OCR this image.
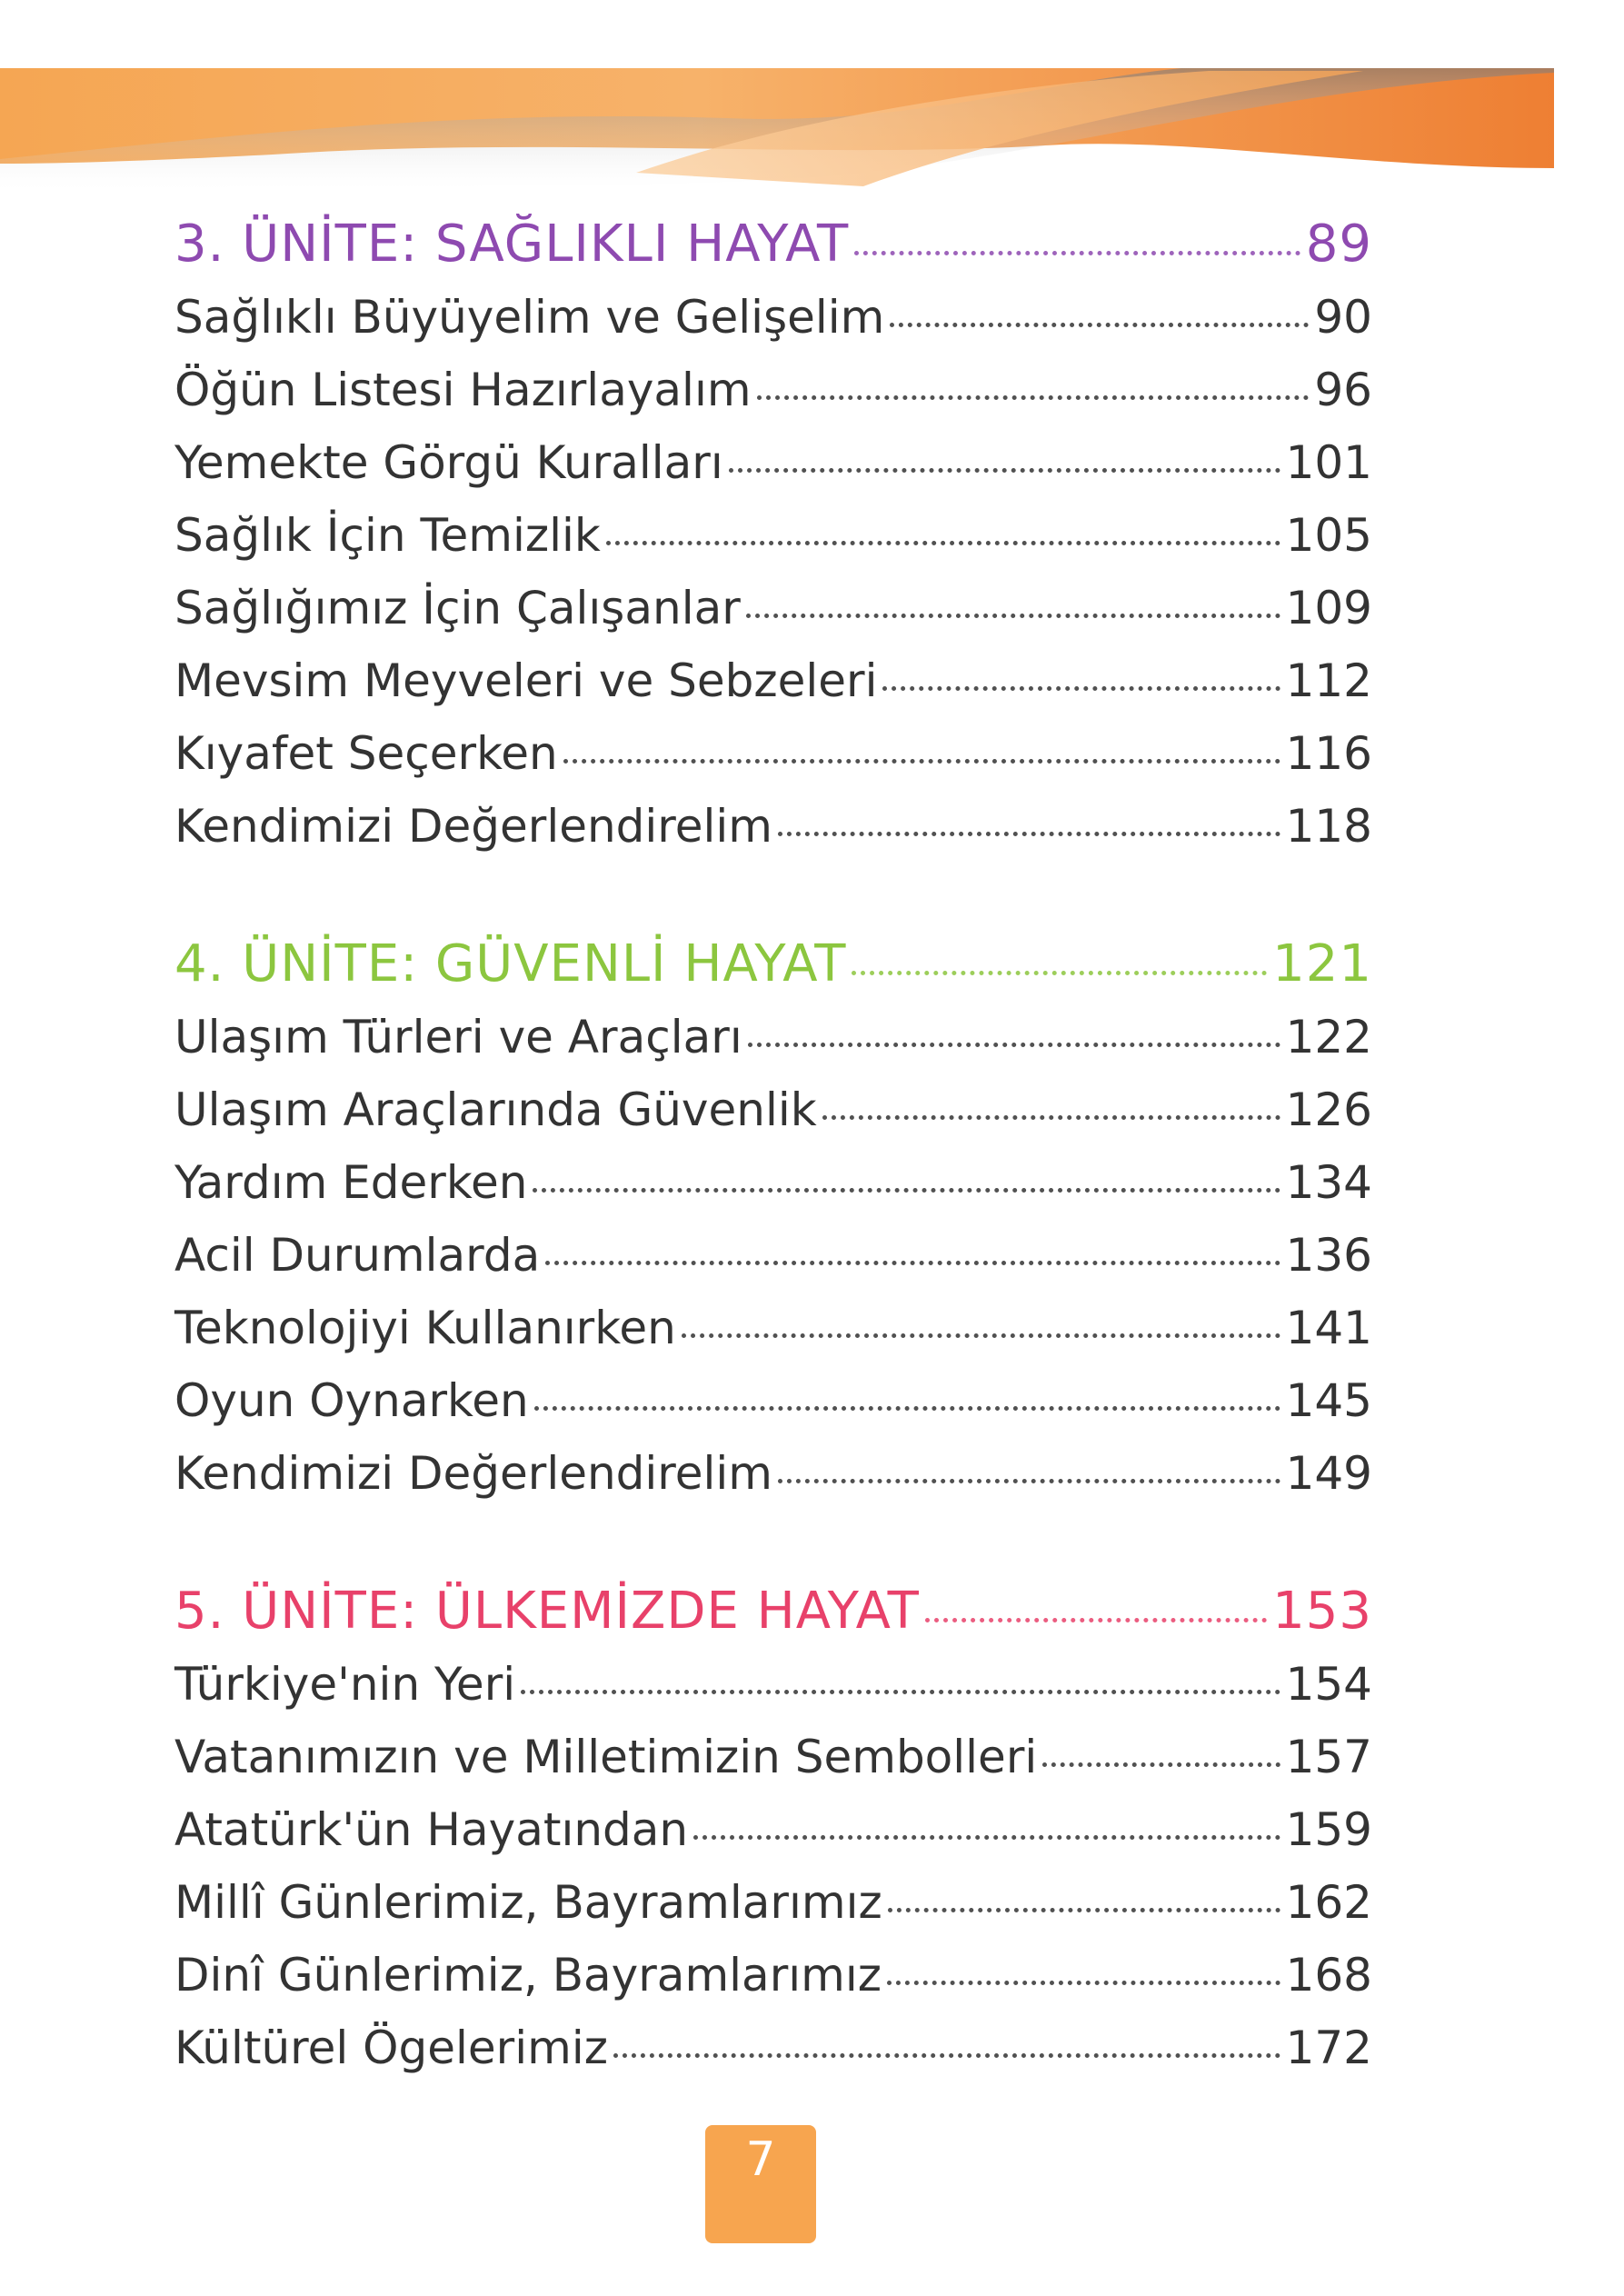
3. ÜNİTE: SAĞLIKLI HAYAT	89
Sağlıklı Büyüyelim ve Gelişelim	90
Öğün Listesi Hazırlayalım	96
Yemekte Görgü Kuralları	101
Sağlık İçin Temizlik	105
Sağlığımız İçin Çalışanlar	109
Mevsim Meyveleri ve Sebzeleri	112
Kıyafet Seçerken	116
Kendimizi Değerlendirelim	118
4. ÜNİTE: GÜVENLİ HAYAT	121
Ulaşım Türleri ve Araçları	122
Ulaşım Araçlarında Güvenlik	126
Yardım Ederken	134
Acil Durumlarda	136
Teknolojiyi Kullanırken	141
Oyun Oynarken	145
Kendimizi Değerlendirelim	149
5. ÜNİTE: ÜLKEMİZDE HAYAT	153
Türkiye'nin Yeri	154
Vatanımızın ve Milletimizin Sembolleri	157
Atatürk'ün Hayatından	159
Millî Günlerimiz, Bayramlarımız	162
Dinî Günlerimiz, Bayramlarımız	168
Kültürel Ögelerimiz	172
7
